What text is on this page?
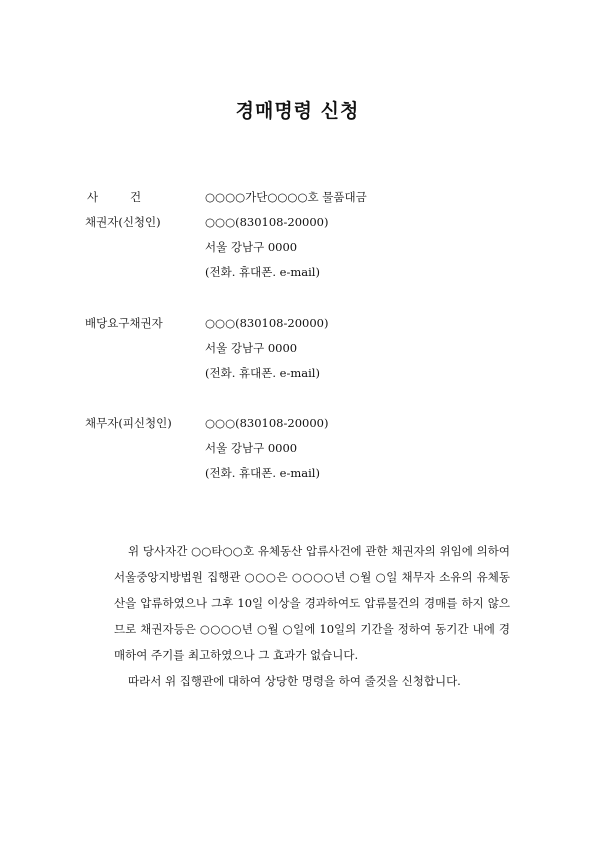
경매명령 신청
사	건	○○○○가단○○○○호 물품대금
채권자(신청인)	○○○(830108-20000)
서울 강남구 0000
(전화. 휴대폰. e-mail)
배당요구채권자	○○○(830108-20000)
서울 강남구 0000
(전화. 휴대폰. e-mail)
채무자(피신청인)	○○○(830108-20000)
서울 강남구 0000
(전화. 휴대폰. e-mail)

위 당사자간 ○○타○○호 유체동산 압류사건에 관한 채권자의 위임에 의하여 서울중앙지방법원 집행관 ○○○은 ○○○○년 ○월 ○일 채무자 소유의 유체동산을 압류하였으나 그후 10일 이상을 경과하여도 압류물건의 경매를 하지 않으므로 채권자등은 ○○○○년 ○월 ○일에 10일의 기간을 정하여 동기간 내에 경매하여 주기를 최고하였으나 그 효과가 없습니다.

따라서 위 집행관에 대하여 상당한 명령을 하여 줄것을 신청합니다.
